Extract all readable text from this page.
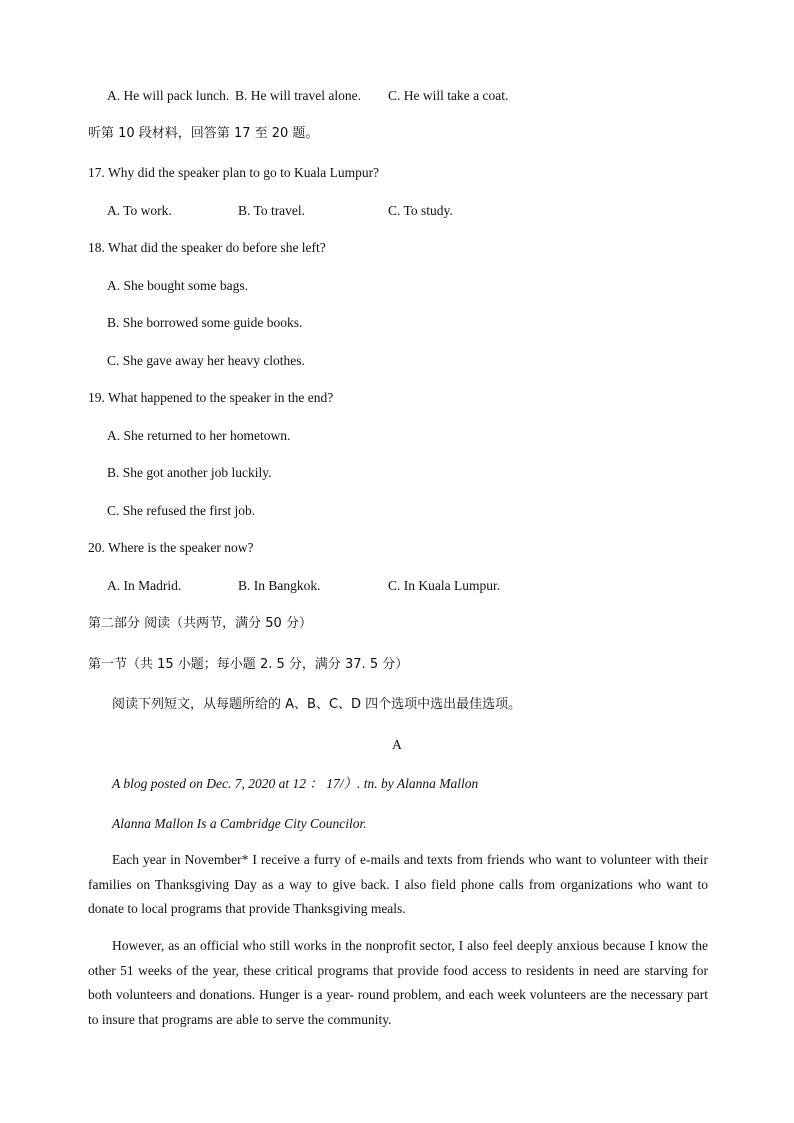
A. He will pack lunch. B. He will travel alone. C. He will take a coat.
听第 10 段材料，回答第 17 至 20 题。
17. Why did the speaker plan to go to Kuala Lumpur?
A. To work.	B. To travel.	C. To study.
18. What did the speaker do before she left?
A. She bought some bags.
B. She borrowed some guide books.
C. She gave away her heavy clothes.
19. What happened to the speaker in the end?
A. She returned to her hometown.
B. She got another job luckily.
C. She refused the first job.
20. Where is the speaker now?
A. In Madrid.	B. In Bangkok.	C. In Kuala Lumpur.
第二部分 阅读（共两节，满分 50 分）
第一节（共 15 小题；每小题 2. 5 分，满分 37. 5 分）
阅读下列短文，从每题所给的 A、B、C、D 四个选项中选出最佳选项。
A
A blog posted on Dec. 7, 2020 at 12 ： 17/）. tn. by Alanna Mallon
Alanna Mallon Is a Cambridge City Councilor.

Each year in November* I receive a furry of e-mails and texts from friends who want to volunteer with their families on Thanksgiving Day as a way to give back. I also field phone calls from organizations who want to donate to local programs that provide Thanksgiving meals.

However, as an official who still works in the nonprofit sector, I also feel deeply anxious because I know the other 51 weeks of the year, these critical programs that provide food access to residents in need are starving for both volunteers and donations. Hunger is a year- round problem, and each week volunteers are the necessary part to insure that programs are able to serve the community.
